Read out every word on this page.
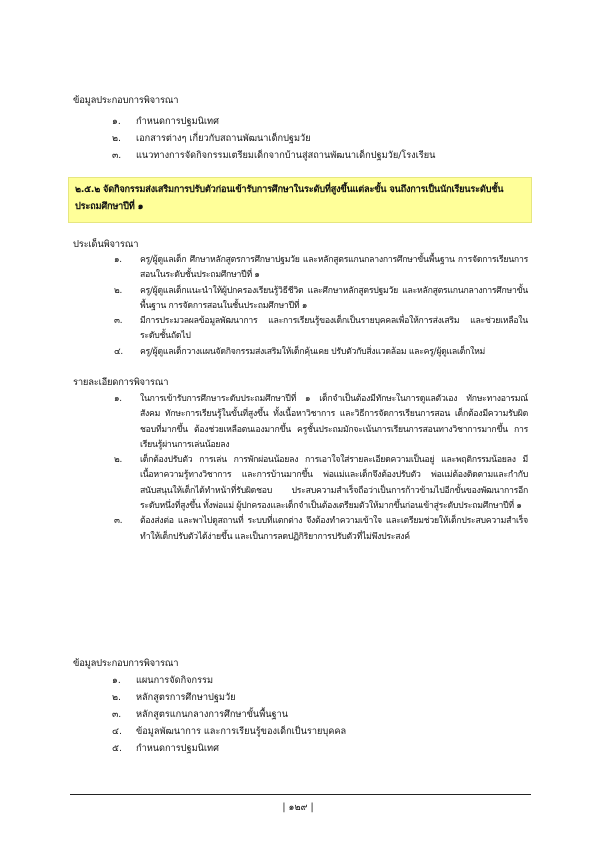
ข้อมูลประกอบการพิจารณา
๑. กำหนดการปฐมนิเทศ

๒. เอกสารต่างๆ เกี่ยวกับสถานพัฒนาเด็กปฐมวัย

๓. แนวทางการจัดกิจกรรมเตรียมเด็กจากบ้านสู่สถานพัฒนาเด็กปฐมวัย/โรงเรียน

๒.๕.๒ จัดกิจกรรมส่งเสริมการปรับตัวก่อนเข้ารับการศึกษาในระดับที่สูงขึ้นแต่ละขั้น จนถึงการเป็นนักเรียนระดับชั้นประถมศึกษาปีที่ ๑
ประเด็นพิจารณา
๑. ครู/ผู้ดูแลเด็ก ศึกษาหลักสูตรการศึกษาปฐมวัย และหลักสูตรแกนกลางการศึกษาขั้นพื้นฐาน การจัดการเรียนการสอนในระดับชั้นประถมศึกษาปีที่ ๑
๒. ครู/ผู้ดูแลเด็กแนะนำให้ผู้ปกครองเรียนรู้วิธีชีวิต และศึกษาหลักสูตรปฐมวัย และหลักสูตรแกนกลางการศึกษาขั้นพื้นฐาน การจัดการสอนในชั้นประถมศึกษาปีที่ ๑
๓. มีการประมวลผลข้อมูลพัฒนาการ และการเรียนรู้ของเด็กเป็นรายบุคคลเพื่อให้การส่งเสริม และช่วยเหลือในระดับชั้นถัดไป
๔. ครู/ผู้ดูแลเด็กวางแผนจัดกิจกรรมส่งเสริมให้เด็กคุ้นเคย ปรับตัวกับสิ่งแวดล้อม และครู/ผู้ดูแลเด็กใหม่
รายละเอียดการพิจารณา
๑. ในการเข้ารับการศึกษาระดับประถมศึกษาปีที่ ๑ เด็กจำเป็นต้องมีทักษะในการดูแลตัวเอง ทักษะทางอารมณ์สังคม ทักษะการเรียนรู้ในขั้นที่สูงขึ้น ทั้งเนื้อหาวิชาการ และวิธีการจัดการเรียนการสอน เด็กต้องมีความรับผิดชอบที่มากขึ้น ต้องช่วยเหลือตนเองมากขึ้น ครูชั้นประถมมักจะเน้นการเรียนการสอนทางวิชาการมากขึ้น การเรียนรู้ผ่านการเล่นน้อยลง
๒. เด็กต้องปรับตัว การเล่น การพักผ่อนน้อยลง การเอาใจใส่รายละเอียดความเป็นอยู่ และพฤติกรรมน้อยลง มีเนื้อหาความรู้ทางวิชาการ และการบ้านมากขึ้น พ่อแม่และเด็กจึงต้องปรับตัว พ่อแม่ต้องติดตามและกำกับ สนับสนุนให้เด็กได้ทำหน้าที่รับผิดชอบ ประสบความสำเร็จถือว่าเป็นการก้าวข้ามไปอีกขั้นของพัฒนาการอีกระดับหนึ่งที่สูงขึ้น ทั้งพ่อแม่ ผู้ปกครองและเด็กจำเป็นต้องเตรียมตัวให้มากขึ้นก่อนเข้าสู่ระดับประถมศึกษาปีที่ ๑
๓. ต้องส่งต่อ และพาไปดูสถานที่ ระบบที่แตกต่าง จึงต้องทำความเข้าใจ และเตรียมช่วยให้เด็กประสบความสำเร็จ ทำให้เด็กปรับตัวได้ง่ายขึ้น และเป็นการลดปฏิกิริยาการปรับตัวที่ไม่พึงประสงค์
ข้อมูลประกอบการพิจารณา
๑. แผนการจัดกิจกรรม

๒. หลักสูตรการศึกษาปฐมวัย

๓. หลักสูตรแกนกลางการศึกษาขั้นพื้นฐาน

๔. ข้อมูลพัฒนาการ และการเรียนรู้ของเด็กเป็นรายบุคคล

๕. กำหนดการปฐมนิเทศ

| ๑๒๙ |
